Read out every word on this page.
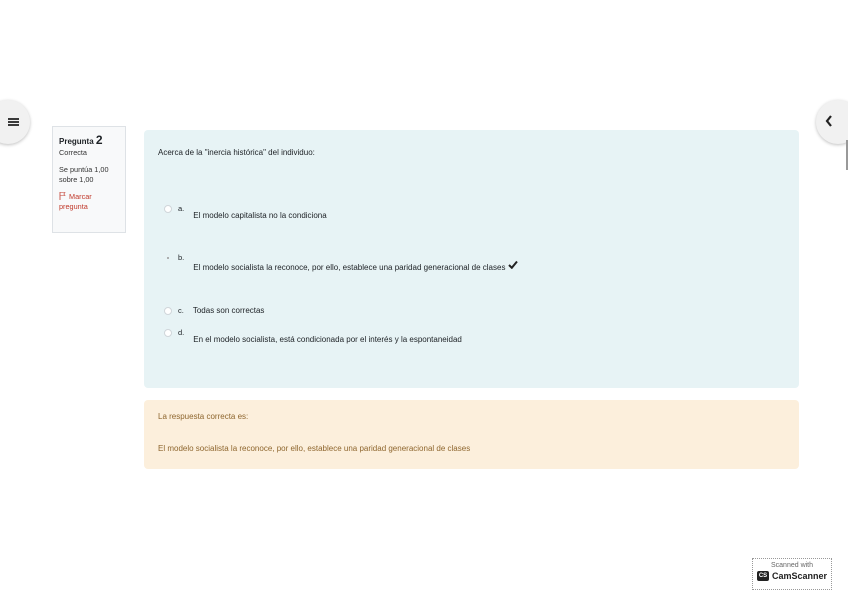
Pregunta 2
Correcta
Se puntúa 1,00
sobre 1,00
Marcar
pregunta
Acerca de la "inercia histórica" del individuo:
a.
El modelo capitalista no la condiciona
b.
El modelo socialista la reconoce, por ello, establece una paridad generacional de clases
c. Todas son correctas
d.
En el modelo socialista, está condicionada por el interés y la espontaneidad
La respuesta correcta es:
El modelo socialista la reconoce, por ello, establece una paridad generacional de clases
Scanned with
CS CamScanner
